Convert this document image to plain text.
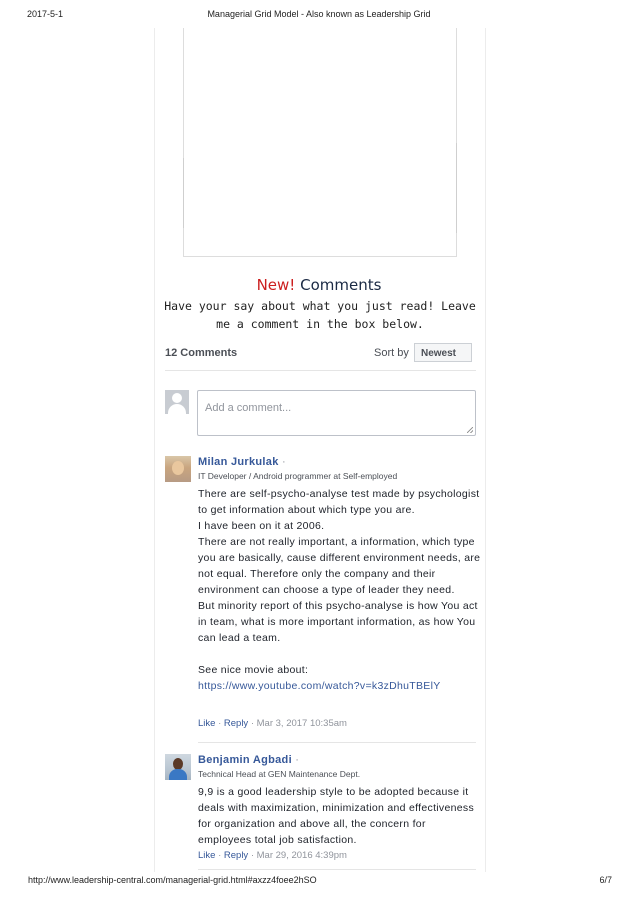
2017-5-1	Managerial Grid Model - Also known as Leadership Grid
New! Comments
Have your say about what you just read! Leave me a comment in the box below.
12 Comments	Sort by	Newest
Add a comment...
Milan Jurkulak ·
IT Developer / Android programmer at Self-employed

There are self-psycho-analyse test made by psychologist to get information about which type you are.

I have been on it at 2006.

There are not really important, a information, which type you are basically, cause different environment needs, are not equal. Therefore only the company and their environment can choose a type of leader they need.

But minority report of this psycho-analyse is how You act in team, what is more important information, as how You can lead a team.

See nice movie about:

https://www.youtube.com/watch?v=k3zDhuTBElY

Like · Reply · Mar 3, 2017 10:35am
Benjamin Agbadi ·
Technical Head at GEN Maintenance Dept.

9,9 is a good leadership style to be adopted because it deals with maximization, minimization and effectiveness for organization and above all, the concern for employees total job satisfaction.

Like · Reply · Mar 29, 2016 4:39pm
http://www.leadership-central.com/managerial-grid.html#axzz4foee2hSO	6/7
